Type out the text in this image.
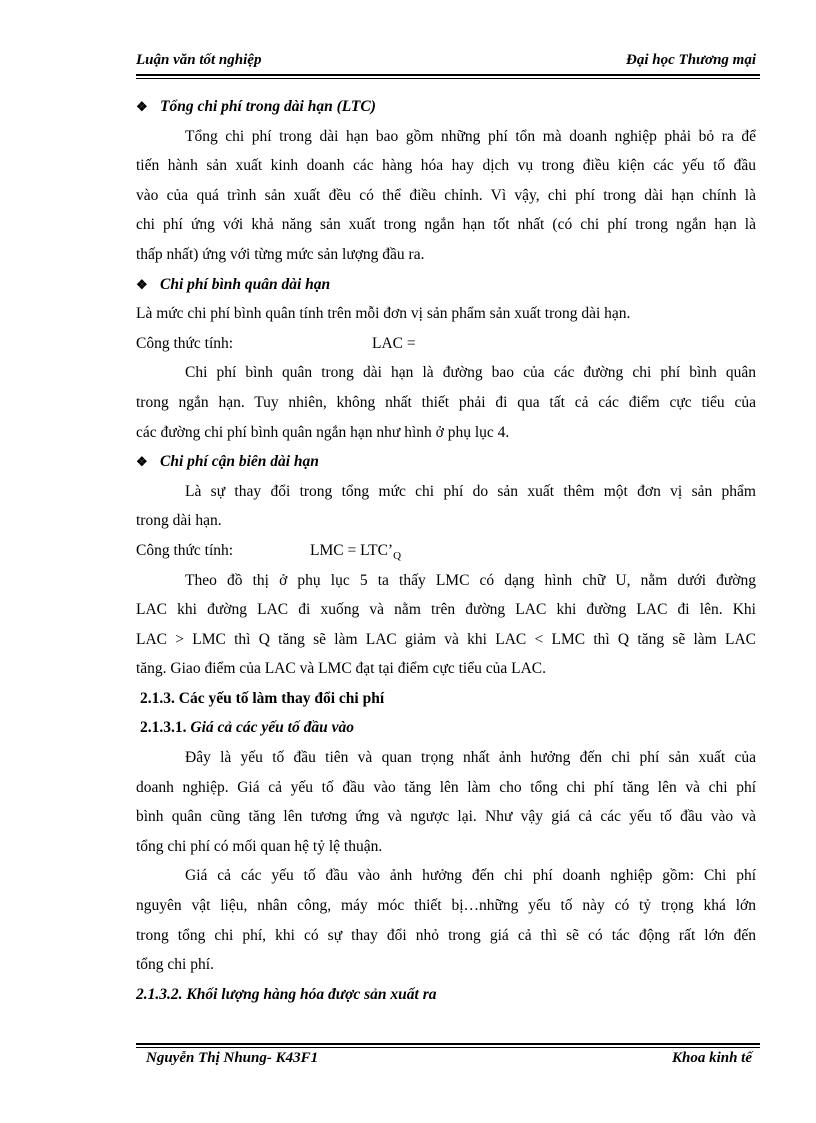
Luận văn tốt nghiệp	Đại học Thương mại
❖ Tổng chi phí trong dài hạn (LTC)
Tổng chi phí trong dài hạn bao gồm những phí tổn mà doanh nghiệp phải bỏ ra để
tiến hành sản xuất kinh doanh các hàng hóa hay dịch vụ trong điều kiện các yếu tố đầu
vào của quá trình sản xuất đều có thể điều chỉnh. Vì vậy, chi phí trong dài hạn chính là
chi phí ứng với khả năng sản xuất trong ngắn hạn tốt nhất (có chi phí trong ngắn hạn là
thấp nhất) ứng với từng mức sản lượng đầu ra.
❖ Chi phí bình quân dài hạn
Là mức chi phí bình quân tính trên mỗi đơn vị sản phẩm sản xuất trong dài hạn.
Công thức tính:	LAC =
Chi phí bình quân trong dài hạn là đường bao của các đường chi phí bình quân
trong ngắn hạn. Tuy nhiên, không nhất thiết phải đi qua tất cả các điểm cực tiểu của
các đường chi phí bình quân ngắn hạn như hình ở phụ lục 4.
❖ Chi phí cận biên dài hạn
Là sự thay đổi trong tổng mức chi phí do sản xuất thêm một đơn vị sản phẩm
trong dài hạn.
Công thức tính:	LMC = $LTC’_Q$
Theo đồ thị ở phụ lục 5 ta thấy LMC có dạng hình chữ U, nằm dưới đường
LAC khi đường LAC đi xuống và nằm trên đường LAC khi đường LAC đi lên. Khi
LAC > LMC thì Q tăng sẽ làm LAC giảm và khi LAC < LMC thì Q tăng sẽ làm LAC
tăng. Giao điểm của LAC và LMC đạt tại điểm cực tiểu của LAC.
2.1.3. Các yếu tố làm thay đổi chi phí
2.1.3.1. Giá cả các yếu tố đầu vào
Đây là yếu tố đầu tiên và quan trọng nhất ảnh hưởng đến chi phí sản xuất của
doanh nghiệp. Giá cả yếu tố đầu vào tăng lên làm cho tổng chi phí tăng lên và chi phí
bình quân cũng tăng lên tương ứng và ngược lại. Như vậy giá cả các yếu tố đầu vào và
tổng chi phí có mối quan hệ tỷ lệ thuận.
Giá cả các yếu tố đầu vào ảnh hưởng đến chi phí doanh nghiệp gồm: Chi phí
nguyên vật liệu, nhân công, máy móc thiết bị…những yếu tố này có tỷ trọng khá lớn
trong tổng chi phí, khi có sự thay đổi nhỏ trong giá cả thì sẽ có tác động rất lớn đến
tổng chi phí.
2.1.3.2. Khối lượng hàng hóa được sản xuất ra
Nguyễn Thị Nhung- K43F1	Khoa kinh tế
